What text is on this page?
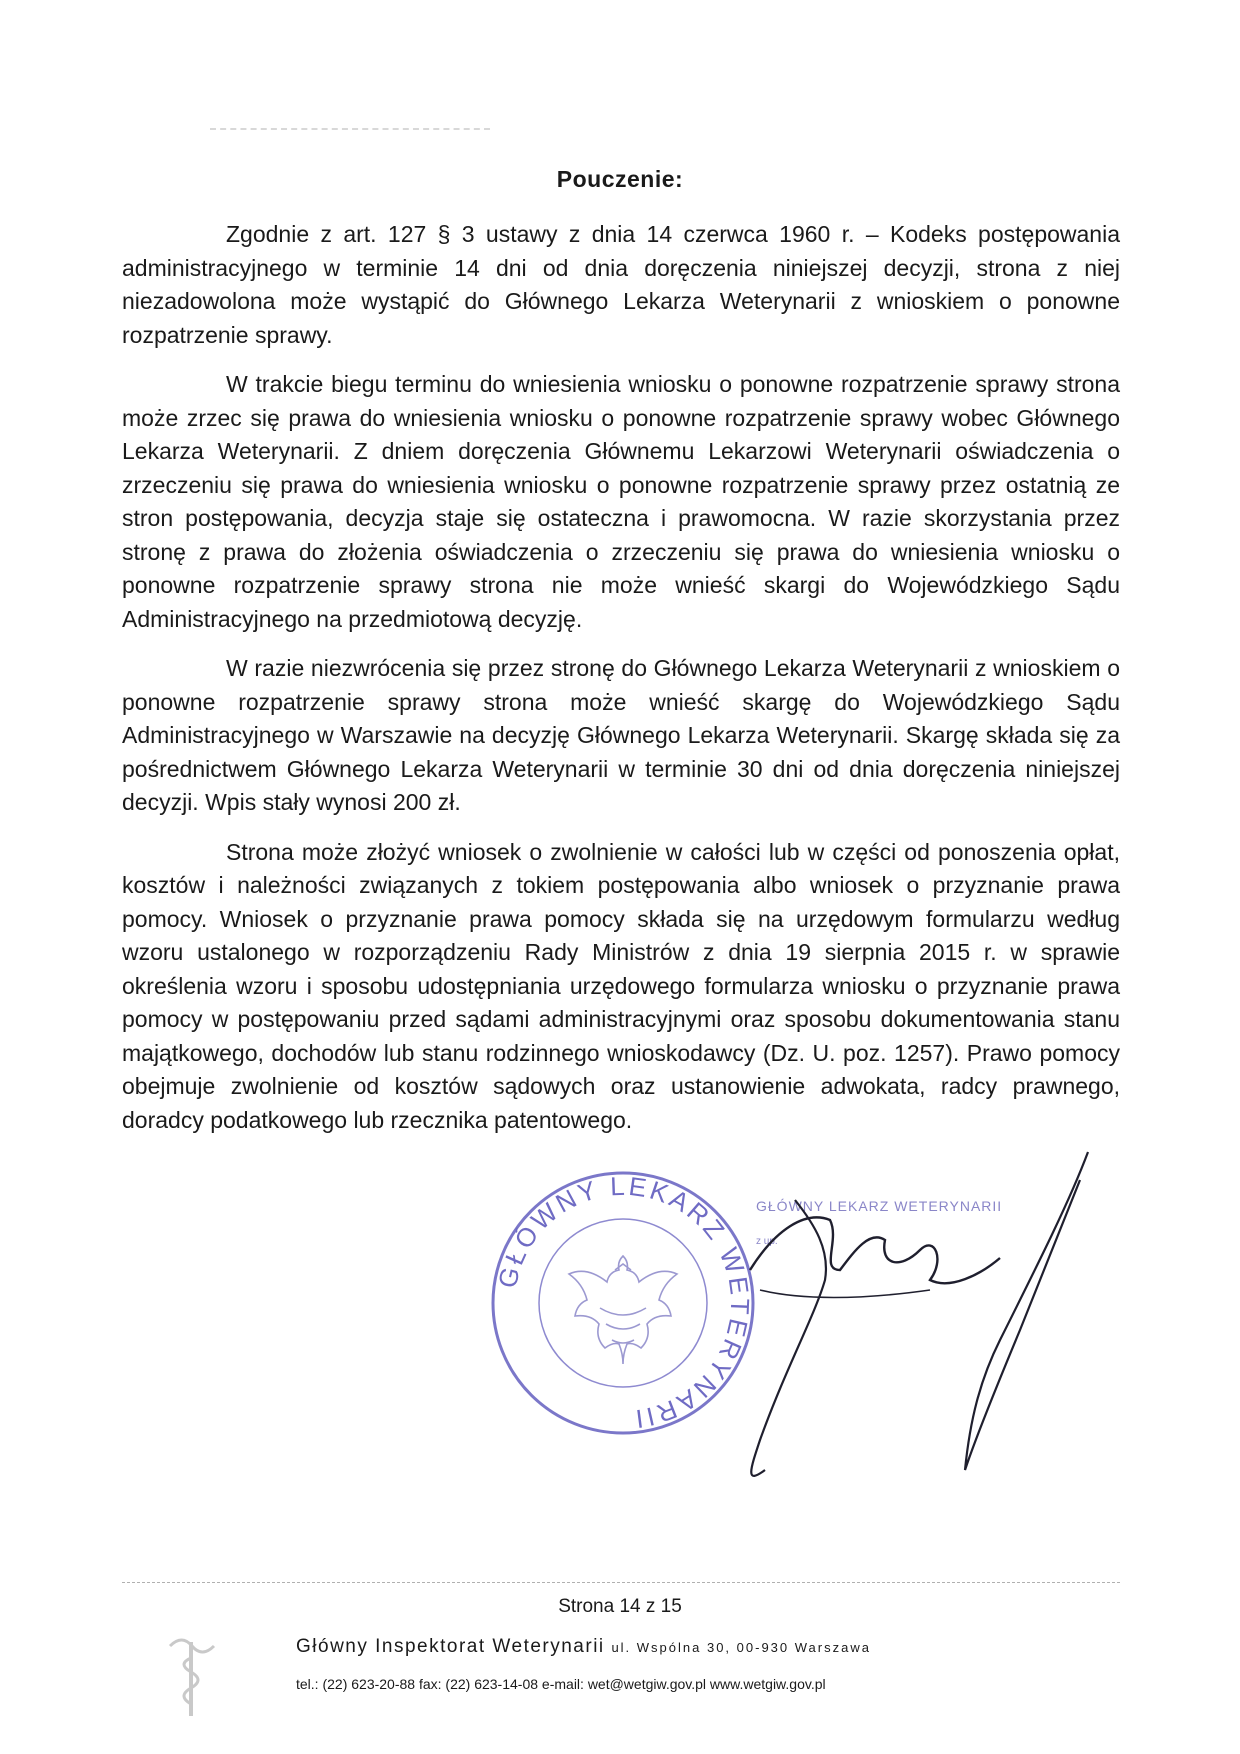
Pouczenie:

Zgodnie z art. 127 § 3 ustawy z dnia 14 czerwca 1960 r. – Kodeks postępowania administracyjnego w terminie 14 dni od dnia doręczenia niniejszej decyzji, strona z niej niezadowolona może wystąpić do Głównego Lekarza Weterynarii z wnioskiem o ponowne rozpatrzenie sprawy.

W trakcie biegu terminu do wniesienia wniosku o ponowne rozpatrzenie sprawy strona może zrzec się prawa do wniesienia wniosku o ponowne rozpatrzenie sprawy wobec Głównego Lekarza Weterynarii. Z dniem doręczenia Głównemu Lekarzowi Weterynarii oświadczenia o zrzeczeniu się prawa do wniesienia wniosku o ponowne rozpatrzenie sprawy przez ostatnią ze stron postępowania, decyzja staje się ostateczna i prawomocna. W razie skorzystania przez stronę z prawa do złożenia oświadczenia o zrzeczeniu się prawa do wniesienia wniosku o ponowne rozpatrzenie sprawy strona nie może wnieść skargi do Wojewódzkiego Sądu Administracyjnego na przedmiotową decyzję.

W razie niezwrócenia się przez stronę do Głównego Lekarza Weterynarii z wnioskiem o ponowne rozpatrzenie sprawy strona może wnieść skargę do Wojewódzkiego Sądu Administracyjnego w Warszawie na decyzję Głównego Lekarza Weterynarii. Skargę składa się za pośrednictwem Głównego Lekarza Weterynarii w terminie 30 dni od dnia doręczenia niniejszej decyzji. Wpis stały wynosi 200 zł.

Strona może złożyć wniosek o zwolnienie w całości lub w części od ponoszenia opłat, kosztów i należności związanych z tokiem postępowania albo wniosek o przyznanie prawa pomocy. Wniosek o przyznanie prawa pomocy składa się na urzędowym formularzu według wzoru ustalonego w rozporządzeniu Rady Ministrów z dnia 19 sierpnia 2015 r. w sprawie określenia wzoru i sposobu udostępniania urzędowego formularza wniosku o przyznanie prawa pomocy w postępowaniu przed sądami administracyjnymi oraz sposobu dokumentowania stanu majątkowego, dochodów lub stanu rodzinnego wnioskodawcy (Dz. U. poz. 1257). Prawo pomocy obejmuje zwolnienie od kosztów sądowych oraz ustanowienie adwokata, radcy prawnego, doradcy podatkowego lub rzecznika patentowego.

GŁÓWNY LEKARZ WETERYNARII
GŁÓWNY LEKARZ WETERYNARII
z up.
Strona 14 z 15
Główny Inspektorat Weterynarii ul. Wspólna 30, 00-930 Warszawa
tel.: (22) 623-20-88 fax: (22) 623-14-08 e-mail: wet@wetgiw.gov.pl www.wetgiw.gov.pl
